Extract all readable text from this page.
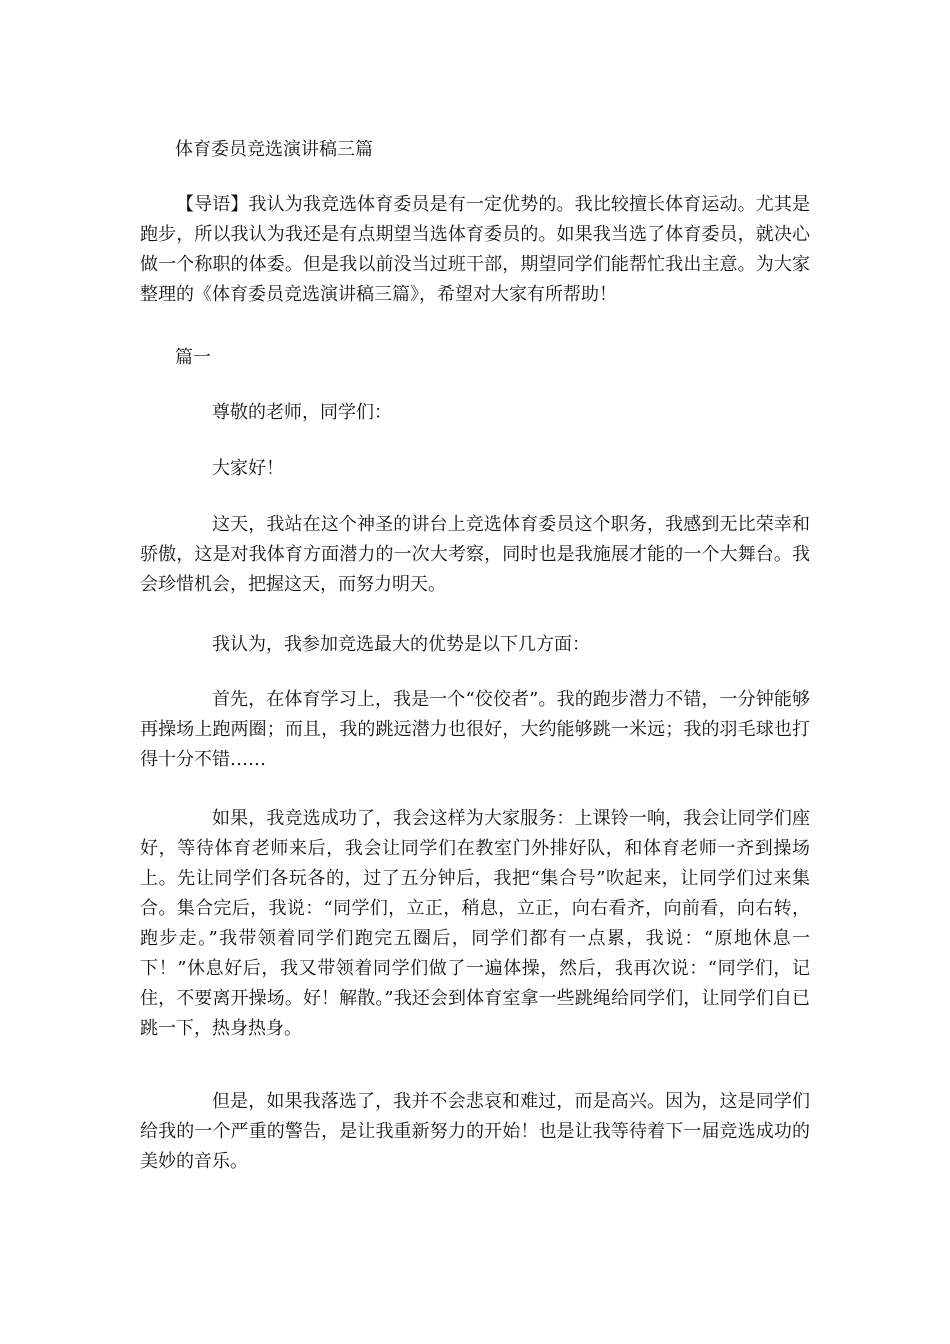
体育委员竞选演讲稿三篇

【导语】我认为我竞选体育委员是有一定优势的。我比较擅长体育运动。尤其是跑步，所以我认为我还是有点期望当选体育委员的。如果我当选了体育委员，就决心做一个称职的体委。但是我以前没当过班干部，期望同学们能帮忙我出主意。为大家整理的《体育委员竞选演讲稿三篇》，希望对大家有所帮助！

篇一
尊敬的老师，同学们：
大家好！

这天，我站在这个神圣的讲台上竞选体育委员这个职务，我感到无比荣幸和骄傲，这是对我体育方面潜力的一次大考察，同时也是我施展才能的一个大舞台。我会珍惜机会，把握这天，而努力明天。

我认为，我参加竞选最大的优势是以下几方面：

首先，在体育学习上，我是一个“佼佼者”。我的跑步潜力不错，一分钟能够再操场上跑两圈；而且，我的跳远潜力也很好，大约能够跳一米远；我的羽毛球也打得十分不错……

如果，我竞选成功了，我会这样为大家服务：上课铃一响，我会让同学们座好，等待体育老师来后，我会让同学们在教室门外排好队，和体育老师一齐到操场上。先让同学们各玩各的，过了五分钟后，我把“集合号”吹起来，让同学们过来集合。集合完后，我说：“同学们，立正，稍息，立正，向右看齐，向前看，向右转，跑步走。”我带领着同学们跑完五圈后，同学们都有一点累，我说：“原地休息一下！”休息好后，我又带领着同学们做了一遍体操，然后，我再次说：“同学们，记住，不要离开操场。好！解散。”我还会到体育室拿一些跳绳给同学们，让同学们自已跳一下，热身热身。

但是，如果我落选了，我并不会悲哀和难过，而是高兴。因为，这是同学们给我的一个严重的警告，是让我重新努力的开始！也是让我等待着下一届竞选成功的美妙的音乐。
